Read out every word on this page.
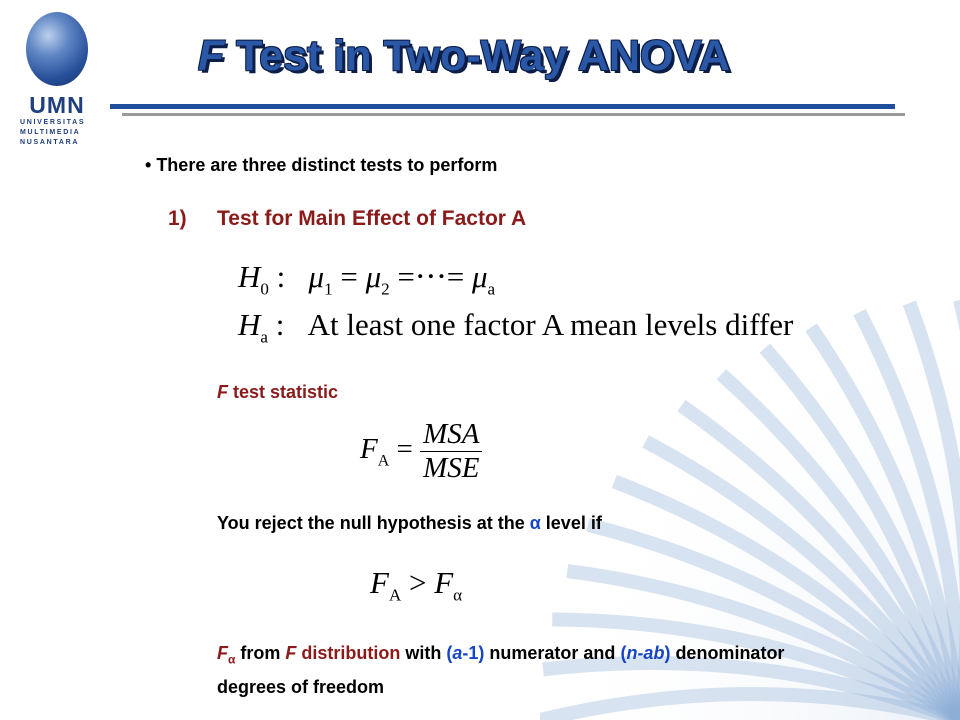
UMN
UNIVERSITAS
MULTIMEDIA
NUSANTARA
F Test in Two-Way ANOVA
• There are three distinct tests to perform
1) Test for Main Effect of Factor A
$H_0$ : $\mu_1 = \mu_2$ =⋅⋅⋅= $\mu_a$
$H_a$ : At least one factor A mean levels differ
F test statistic
$F_A = \frac{\text{MSA}}{\text{MSE}}$
You reject the null hypothesis at the α level if
$F_A > F_\alpha$
$F_\alpha$ from F distribution with (a-1) numerator and (n-ab) denominator degrees of freedom
